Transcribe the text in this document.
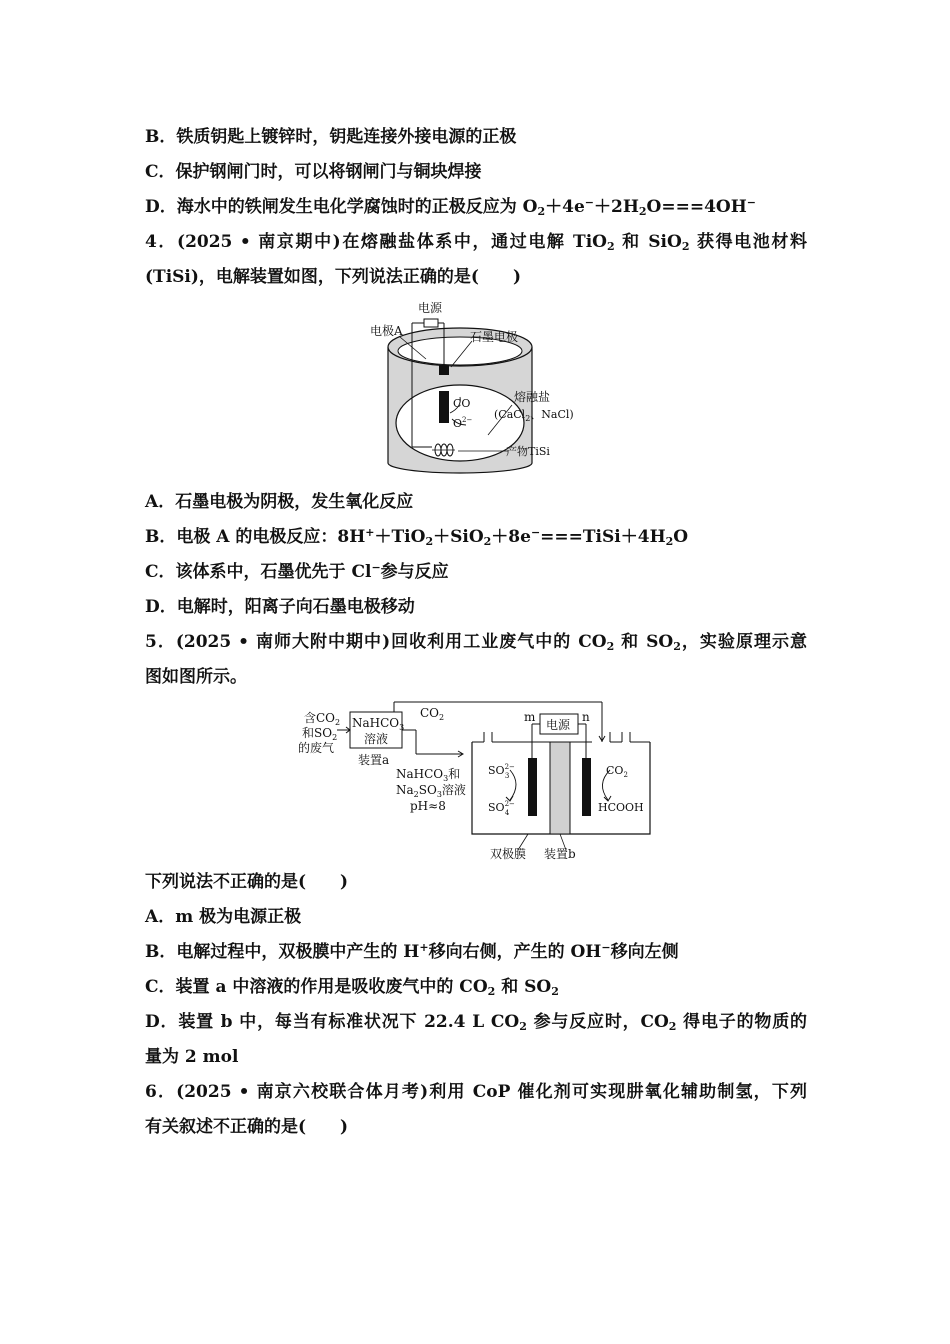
B．铁质钥匙上镀锌时，钥匙连接外接电源的正极
C．保护钢闸门时，可以将钢闸门与铜块焊接
D．海水中的铁闸发生电化学腐蚀时的正极反应为 $O_2+4e^-+2H_2O===4OH^-$
4．(2025 • 南京期中)在熔融盐体系中，通过电解 TiO$_2$ 和 SiO$_2$ 获得电池材料
(TiSi)，电解装置如图，下列说法正确的是(　　)
电源
电极A	石墨电极
熔融盐
(CaCl$_2$、NaCl)
CO
$O^{2-}$
产物TiSi
A．石墨电极为阴极，发生氧化反应
B．电极 A 的电极反应：$8H^++TiO_2+SiO_2+8e^-===TiSi+4H_2O$
C．该体系中，石墨优先于 Cl−参与反应
D．电解时，阳离子向石墨电极移动
5．(2025 • 南师大附中期中)回收利用工业废气中的 $CO_2$ 和 $SO_2$，实验原理示意
图如图所示。
含$CO_2$
和$SO_2$
的废气
NaHCO$_3$
溶液
装置a
$CO_2$	m	n
电源
NaHCO$_3$和
$Na_2SO_3$溶液
pH≈8
$SO^{2-}$ 3
$SO^{2-}$ 4
$CO_2$
HCOOH
双极膜 装置b
下列说法不正确的是(　　)
A．m 极为电源正极
B．电解过程中，双极膜中产生的 H+移向右侧，产生的 OH−移向左侧
C．装置 a 中溶液的作用是吸收废气中的 $CO_2$ 和 $SO_2$
D．装置 b 中，每当有标准状况下 22.4 L $CO_2$ 参与反应时，$CO_2$ 得电子的物质的
量为 2 mol
6．(2025 • 南京六校联合体月考)利用 CoP 催化剂可实现肼氧化辅助制氢，下列
有关叙述不正确的是(　　)
